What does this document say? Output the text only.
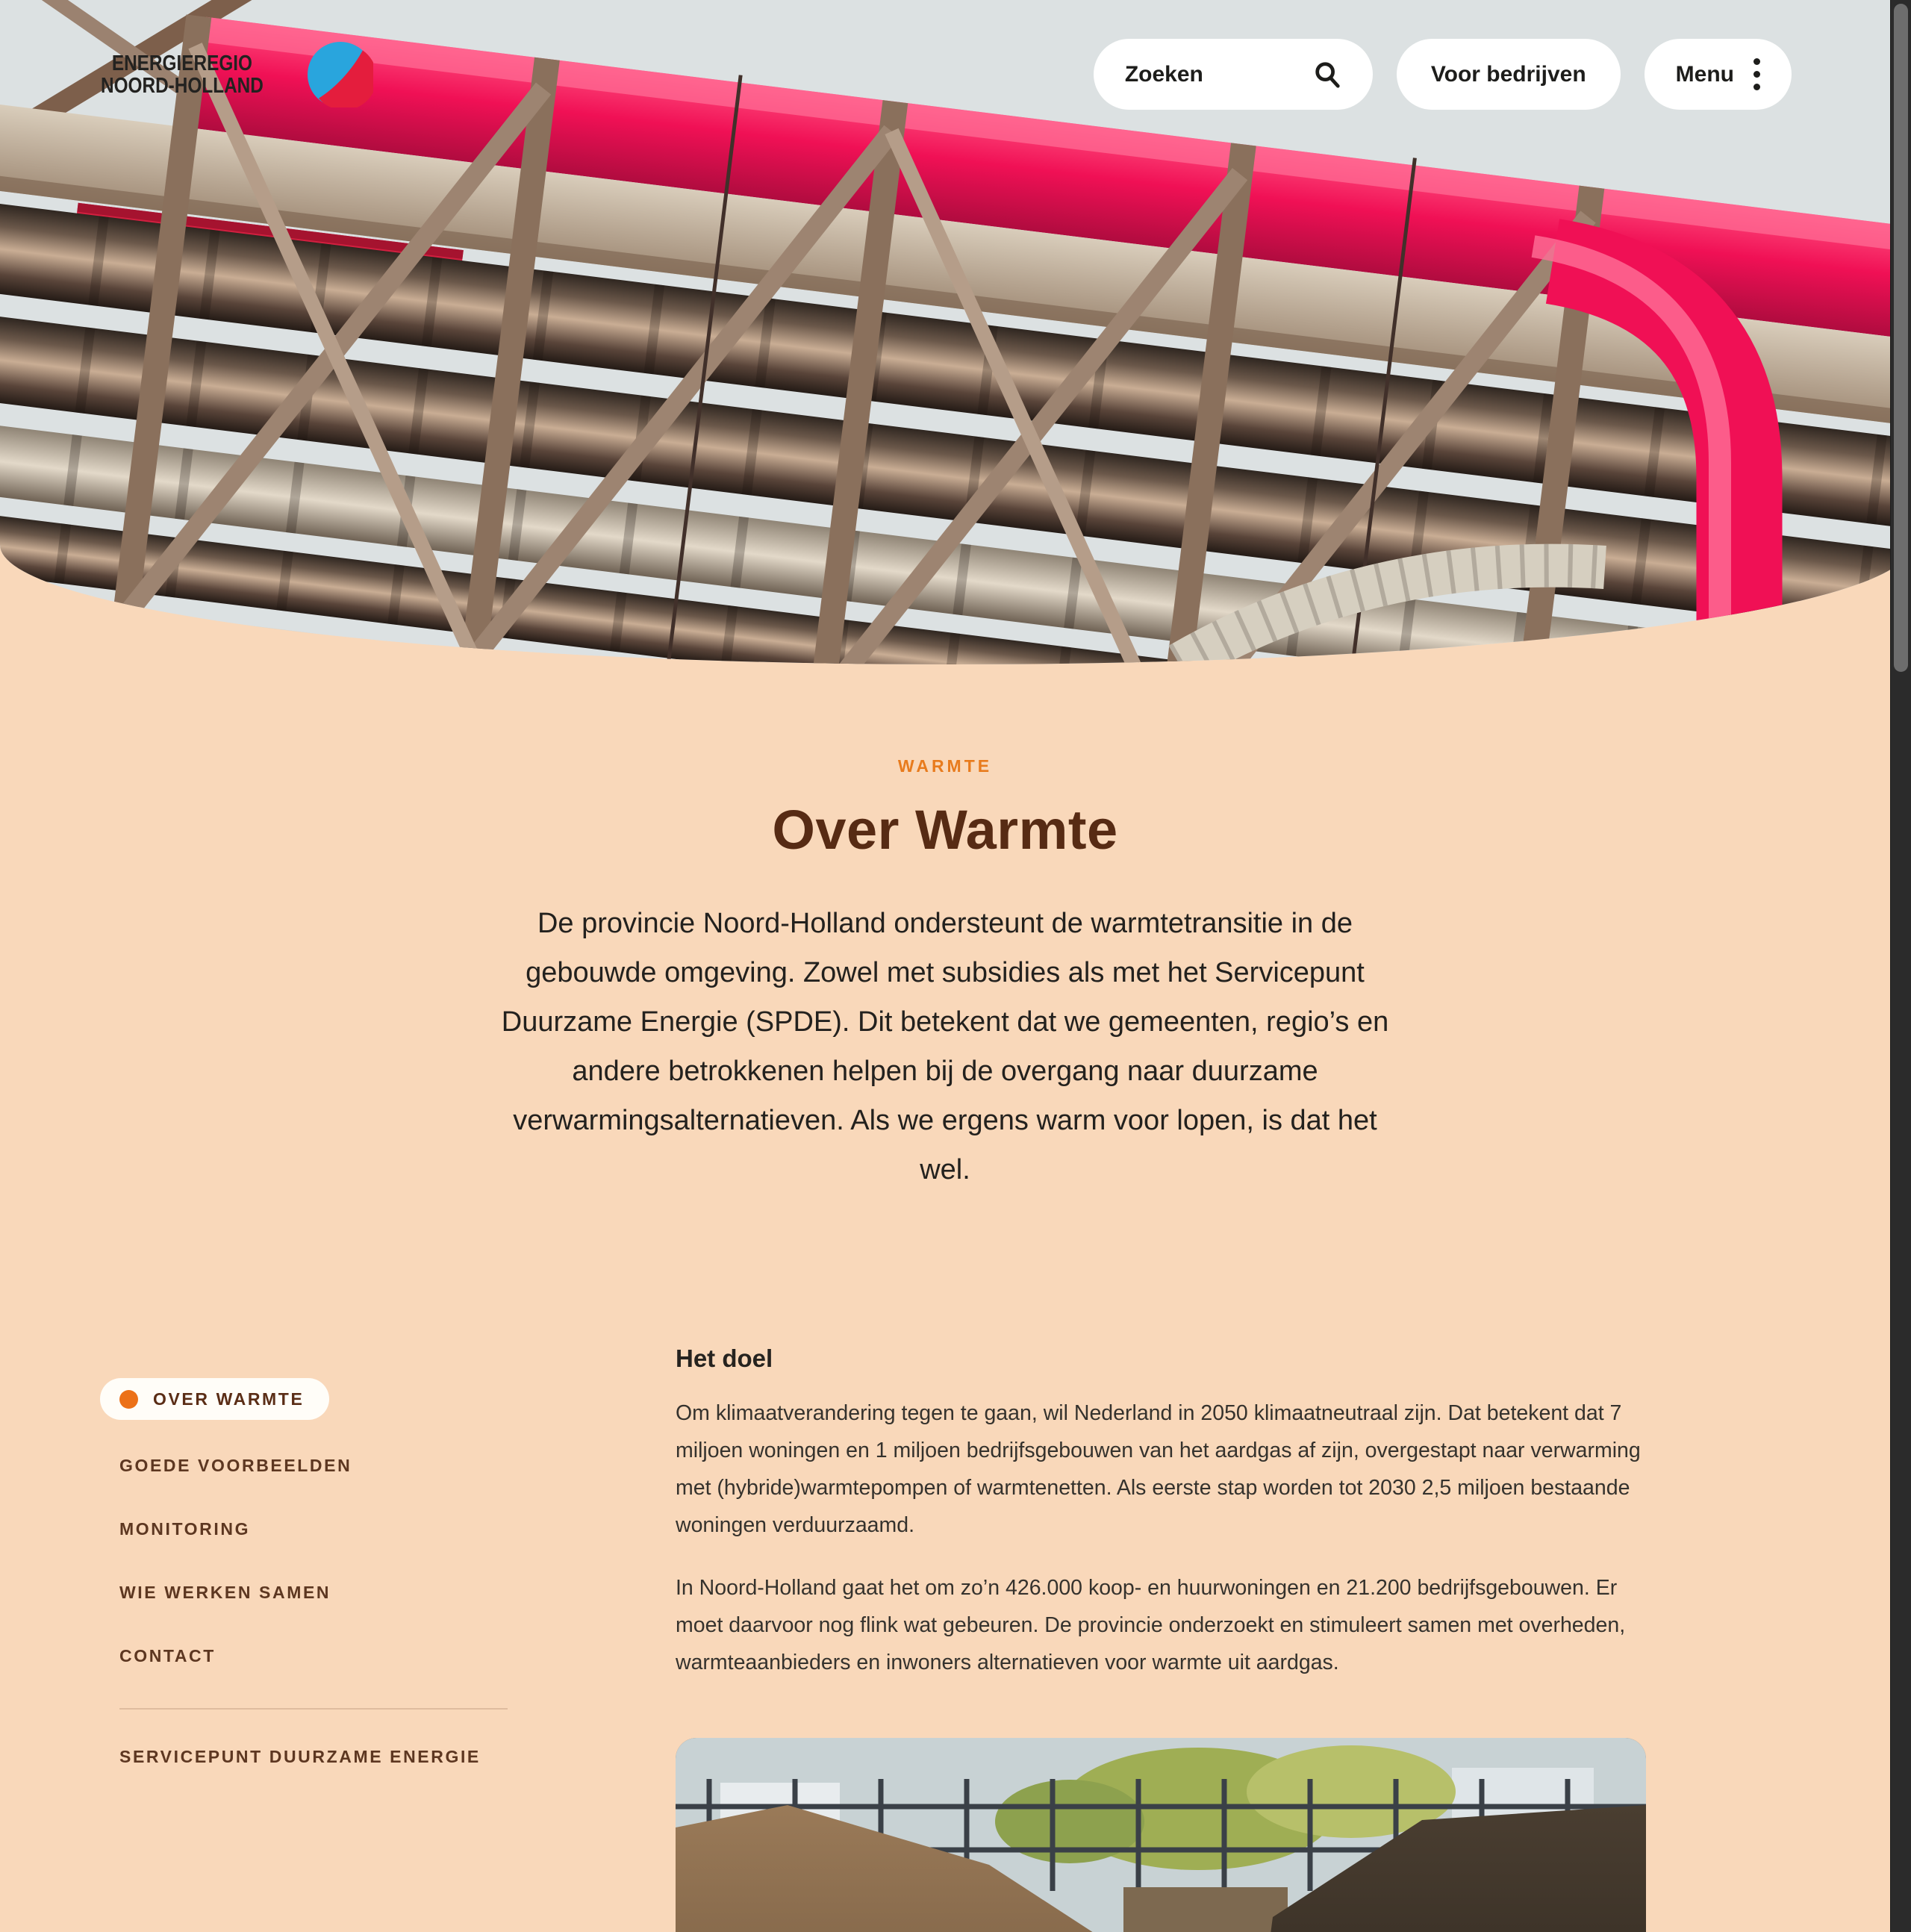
ENERGIEREGIO
NOORD-HOLLAND	Zoeken	Voor bedrijven	Menu
WARMTE
Over Warmte

De provincie Noord-Holland ondersteunt de warmtetransitie in de gebouwde omgeving. Zowel met subsidies als met het Servicepunt Duurzame Energie (SPDE). Dit betekent dat we gemeenten, regio’s en andere betrokkenen helpen bij de overgang naar duurzame verwarmingsalternatieven. Als we ergens warm voor lopen, is dat het wel.

OVER WARMTE
GOEDE VOORBEELDEN
MONITORING
WIE WERKEN SAMEN
CONTACT
SERVICEPUNT DUURZAME ENERGIE
Het doel

Om klimaatverandering tegen te gaan, wil Nederland in 2050 klimaatneutraal zijn. Dat betekent dat 7 miljoen woningen en 1 miljoen bedrijfsgebouwen van het aardgas af zijn, overgestapt naar verwarming met (hybride)warmtepompen of warmtenetten. Als eerste stap worden tot 2030 2,5 miljoen bestaande woningen verduurzaamd.

In Noord-Holland gaat het om zo’n 426.000 koop- en huurwoningen en 21.200 bedrijfsgebouwen. Er moet daarvoor nog flink wat gebeuren. De provincie onderzoekt en stimuleert samen met overheden, warmteaanbieders en inwoners alternatieven voor warmte uit aardgas.
